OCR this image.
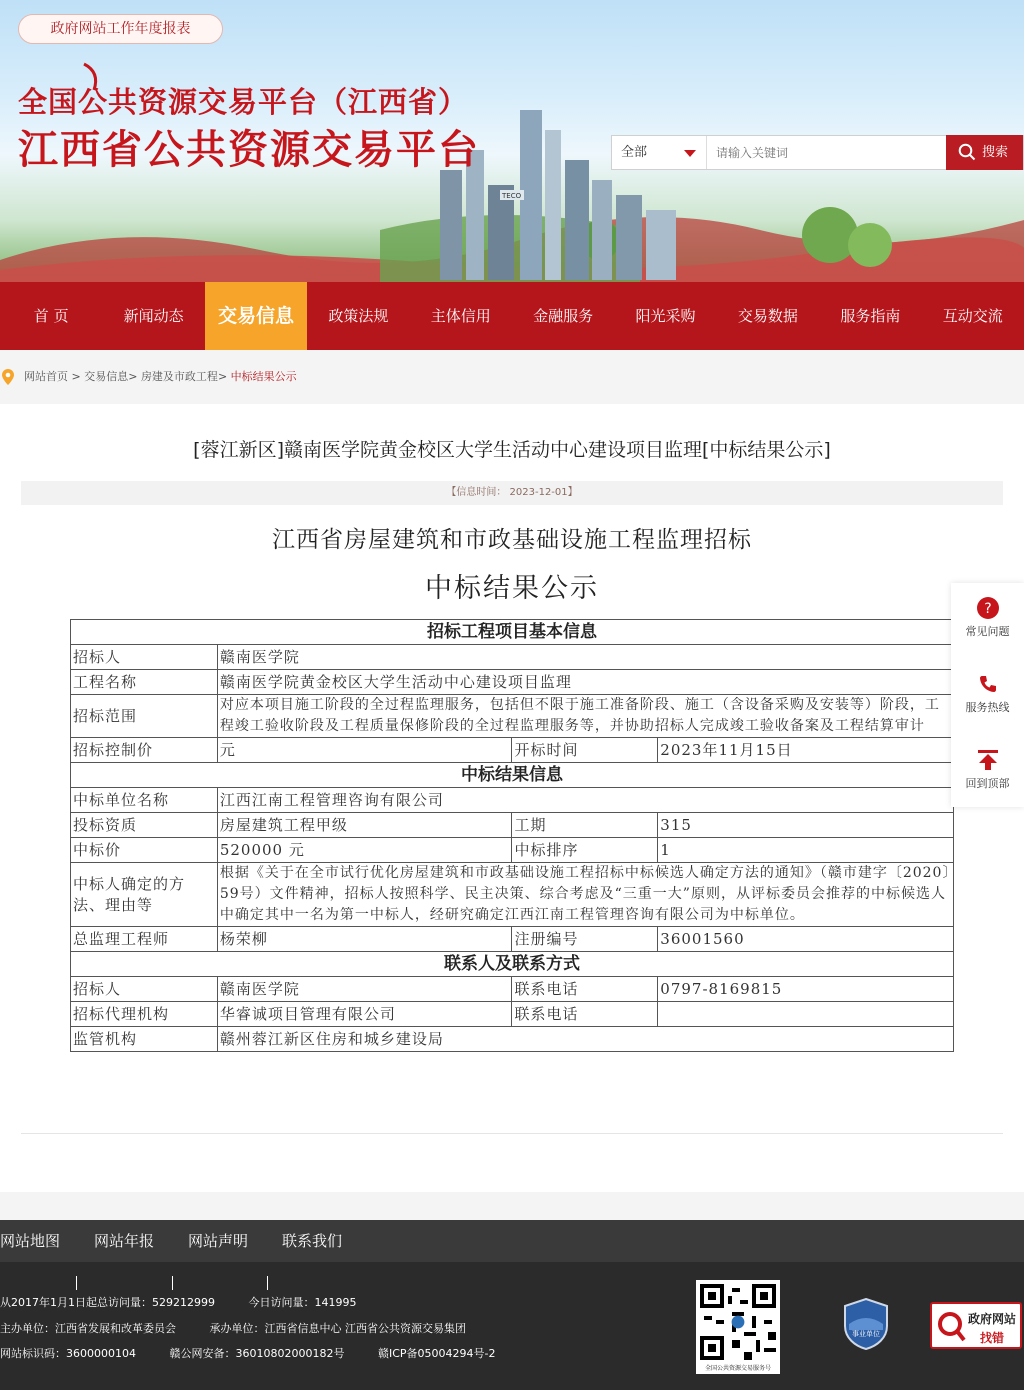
TECO
政府网站工作年度报表
全国公共资源交易平台（江西省）
江西省公共资源交易平台	全部
请输入关键词	搜索
首 页	新闻动态	交易信息	政策法规	主体信用	金融服务	阳光采购	交易数据	服务指南	互动交流
网站首页 > 交易信息> 房建及市政工程> 中标结果公示
[蓉江新区]赣南医学院黄金校区大学生活动中心建设项目监理[中标结果公示]
【信息时间： 2023-12-01】
江西省房屋建筑和市政基础设施工程监理招标
中标结果公示
招标工程项目基本信息			
招标人	赣南医学院		
工程名称	赣南医学院黄金校区大学生活动中心建设项目监理		
招标范围	对应本项目施工阶段的全过程监理服务，包括但不限于施工准备阶段、施工（含设备采购及安装等）阶段，工程竣工验收阶段及工程质量保修阶段的全过程监理服务等，并协助招标人完成竣工验收备案及工程结算审计		
招标控制价	元	开标时间	2023年11月15日
中标结果信息			
中标单位名称	江西江南工程管理咨询有限公司		
投标资质	房屋建筑工程甲级	工期	315
中标价	520000 元	中标排序	1
中标人确定的方法、理由等	根据《关于在全市试行优化房屋建筑和市政基础设施工程招标中标候选人确定方法的通知》（赣市建字〔2020〕59号）文件精神，招标人按照科学、民主决策、综合考虑及“三重一大”原则，从评标委员会推荐的中标候选人中确定其中一名为第一中标人，经研究确定江西江南工程管理咨询有限公司为中标单位。		
总监理工程师	杨荣柳	注册编号	36001560
联系人及联系方式			
招标人	赣南医学院	联系电话	0797-8169815
招标代理机构	华睿诚项目管理有限公司	联系电话	
监管机构	赣州蓉江新区住房和城乡建设局		
?
常见问题
服务热线
回到顶部
网站地图 网站年报 网站声明 联系我们
从2017年1月1日起总访问量：529212999	今日访问量：141995
主办单位：江西省发展和改革委员会	承办单位：江西省信息中心 江西省公共资源交易集团
网站标识码：3600000104	赣公网安备：36010802000182号	赣ICP备05004294号-2
全国公共资源交易服务号
事业单位
政府网站
找错
